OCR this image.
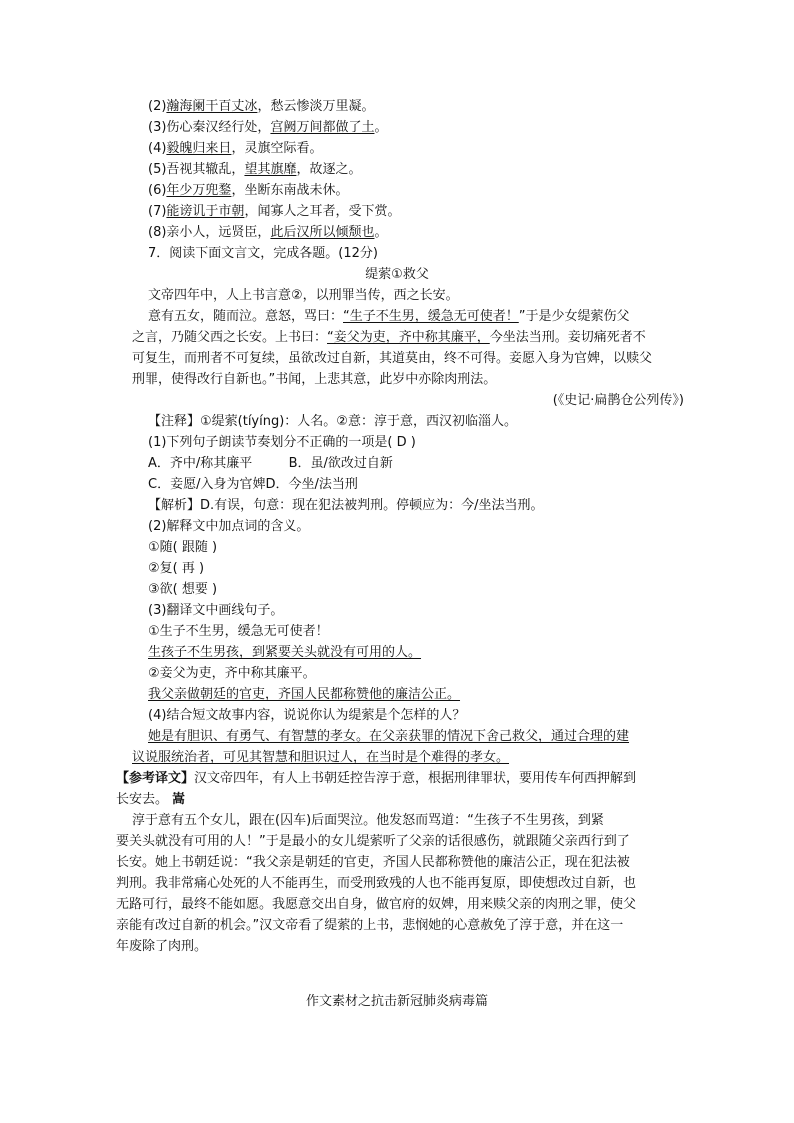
(2)瀚海阑干百丈冰，愁云惨淡万里凝。
(3)伤心秦汉经行处，宫阙万间都做了土。
(4)毅魄归来日，灵旗空际看。
(5)吾视其辙乱，望其旗靡，故逐之。
(6)年少万兜鍪，坐断东南战未休。
(7)能谤讥于市朝，闻寡人之耳者，受下赏。
(8)亲小人，远贤臣，此后汉所以倾颓也。
7．阅读下面文言文，完成各题。(12分)
缇萦①救父
文帝四年中，人上书言意②，以刑罪当传，西之长安。
意有五女，随而泣。意怒，骂曰：“生子不生男，缓急无可使者！”于是少女缇萦伤父
之言，乃随父西之长安。上书曰：“妾父为吏，齐中称其廉平，今坐法当刑。妾切痛死者不
可复生，而刑者不可复续，虽欲改过自新，其道莫由，终不可得。妾愿入身为官婢，以赎父
刑罪，使得改行自新也。”书闻，上悲其意，此岁中亦除肉刑法。
(《史记·扁鹊仓公列传》)
【注释】①缇萦(tíyíng)：人名。②意：淳于意，西汉初临淄人。
(1)下列句子朗读节奏划分不正确的一项是( D )
A．齐中/称其廉平	B．虽/欲改过自新
C．妾愿/入身为官婢D．今坐/法当刑
【解析】D.有误，句意：现在犯法被判刑。停顿应为：今/坐法当刑。
(2)解释文中加点词的含义。
①随( 跟随 )
②复( 再 )
③欲( 想要 )
(3)翻译文中画线句子。
①生子不生男，缓急无可使者！
生孩子不生男孩，到紧要关头就没有可用的人。
②妾父为吏，齐中称其廉平。
我父亲做朝廷的官吏，齐国人民都称赞他的廉洁公正。
(4)结合短文故事内容，说说你认为缇萦是个怎样的人？
她是有胆识、有勇气、有智慧的孝女。在父亲获罪的情况下舍己救父，通过合理的建
议说服统治者，可见其智慧和胆识过人，在当时是个难得的孝女。
【参考译文】汉文帝四年，有人上书朝廷控告淳于意，根据刑律罪状，要用传车何西押解到
长安去。 嵩
淳于意有五个女儿，跟在(囚车)后面哭泣。他发怒而骂道：“生孩子不生男孩，到紧
要关头就没有可用的人！”于是最小的女儿缇萦听了父亲的话很感伤，就跟随父亲西行到了
长安。她上书朝廷说：“我父亲是朝廷的官吏，齐国人民都称赞他的廉洁公正，现在犯法被
判刑。我非常痛心处死的人不能再生，而受刑致残的人也不能再复原，即使想改过自新，也
无路可行，最终不能如愿。我愿意交出自身，做官府的奴婢，用来赎父亲的肉刑之罪，使父
亲能有改过自新的机会。”汉文帝看了缇萦的上书，悲悯她的心意赦免了淳于意，并在这一
年废除了肉刑。
作文素材之抗击新冠肺炎病毒篇
